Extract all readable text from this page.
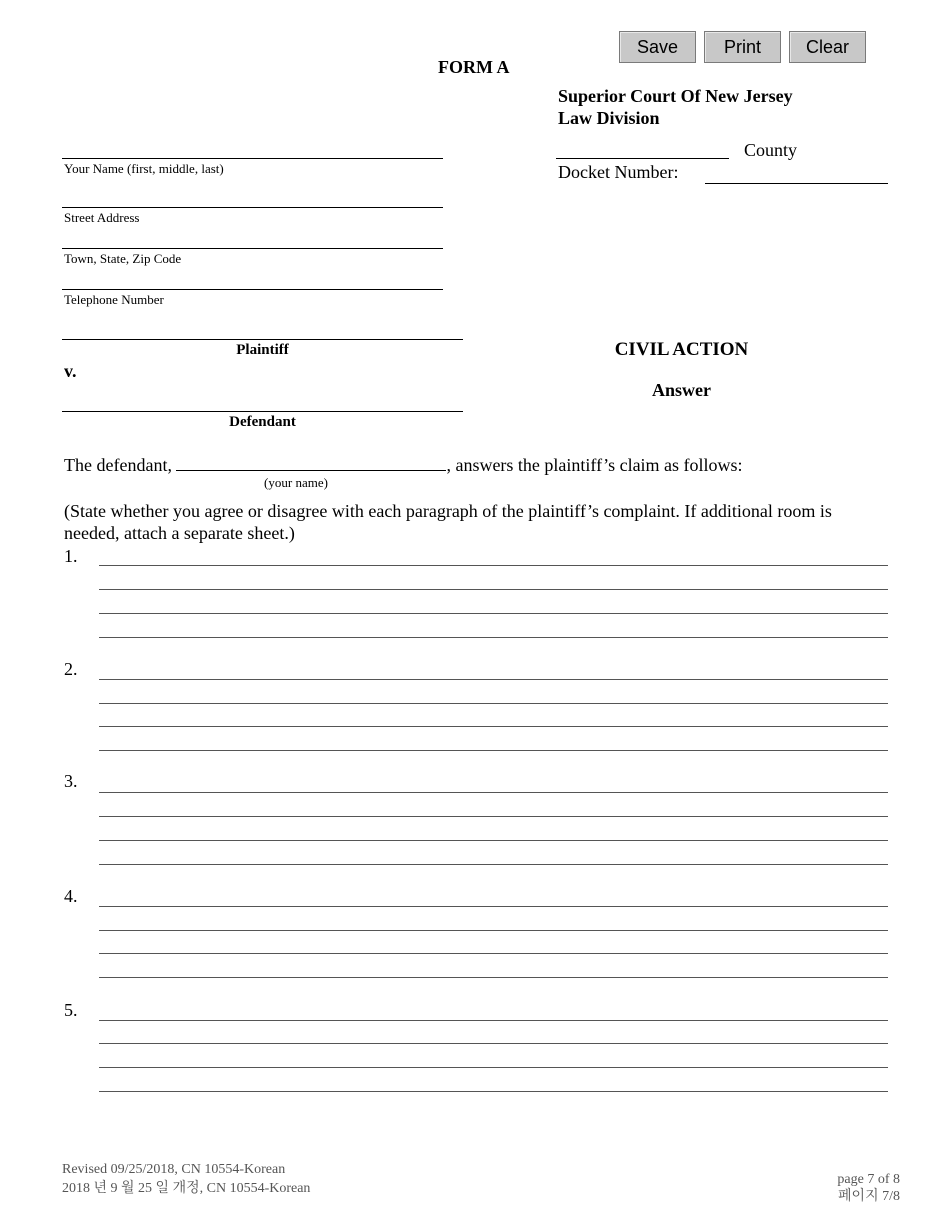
Save	Print	Clear
FORM A
Superior Court Of New Jersey
Law Division
County
Docket Number:
Your Name (first, middle, last)
Street Address
Town, State, Zip Code
Telephone Number
Plaintiff
v.
Defendant
CIVIL ACTION
Answer
The defendant,	, answers the plaintiff’s claim as follows:
(your name)
(State whether you agree or disagree with each paragraph of the plaintiff’s complaint. If additional room is needed, attach a separate sheet.)
1.
2.
3.
4.
5.
Revised 09/25/2018, CN 10554-Korean
2018 년 9 월 25 일 개정, CN 10554-Korean
page 7 of 8
페이지 7/8
